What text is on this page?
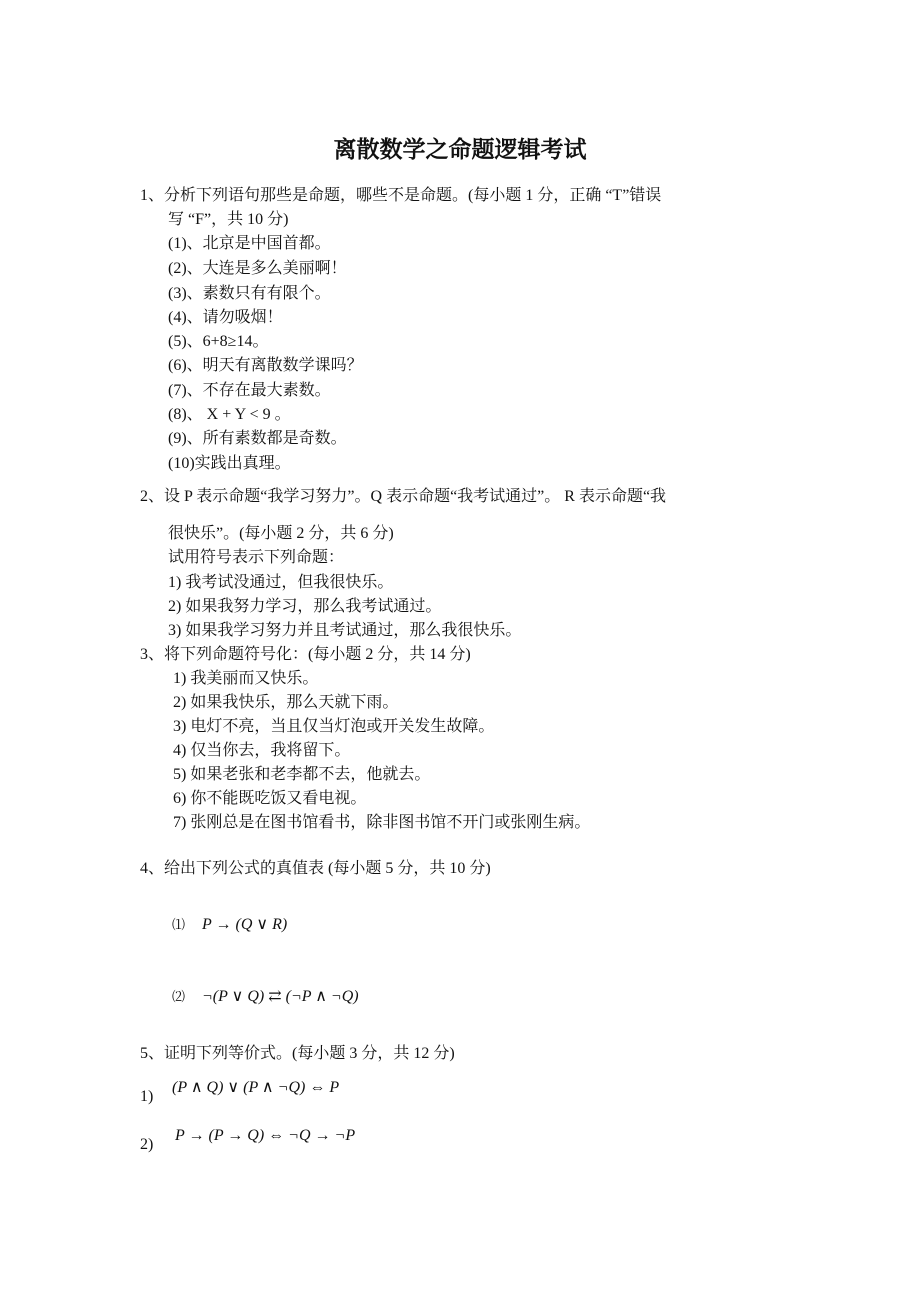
离散数学之命题逻辑考试
1、分析下列语句那些是命题，哪些不是命题。(每小题 1 分，正确 “T”错误
写 “F”，共 10 分)
(1)、北京是中国首都。
(2)、大连是多么美丽啊！
(3)、素数只有有限个。
(4)、请勿吸烟！
(5)、6+8≥14。
(6)、明天有离散数学课吗？
(7)、不存在最大素数。
(8)、 X + Y < 9 。
(9)、所有素数都是奇数。
(10)实践出真理。
2、设 P 表示命题“我学习努力”。Q 表示命题“我考试通过”。 R 表示命题“我
很快乐”。(每小题 2 分，共 6 分)
试用符号表示下列命题：
1) 我考试没通过，但我很快乐。
2) 如果我努力学习，那么我考试通过。
3) 如果我学习努力并且考试通过，那么我很快乐。
3、将下列命题符号化：(每小题 2 分，共 14 分)
1) 我美丽而又快乐。
2) 如果我快乐，那么天就下雨。
3) 电灯不亮，当且仅当灯泡或开关发生故障。
4) 仅当你去，我将留下。
5) 如果老张和老李都不去，他就去。
6) 你不能既吃饭又看电视。
7) 张刚总是在图书馆看书，除非图书馆不开门或张刚生病。
4、给出下列公式的真值表 (每小题 5 分，共 10 分)
⑴ P → (Q ∨ R)
⑵ ¬(P ∨ Q) ⇄ (¬P ∧ ¬Q)
5、证明下列等价式。(每小题 3 分，共 12 分)
1)
(P ∧ Q) ∨ (P ∧ ¬Q) ⇔ P
2)
P → (P → Q) ⇔ ¬Q → ¬P
